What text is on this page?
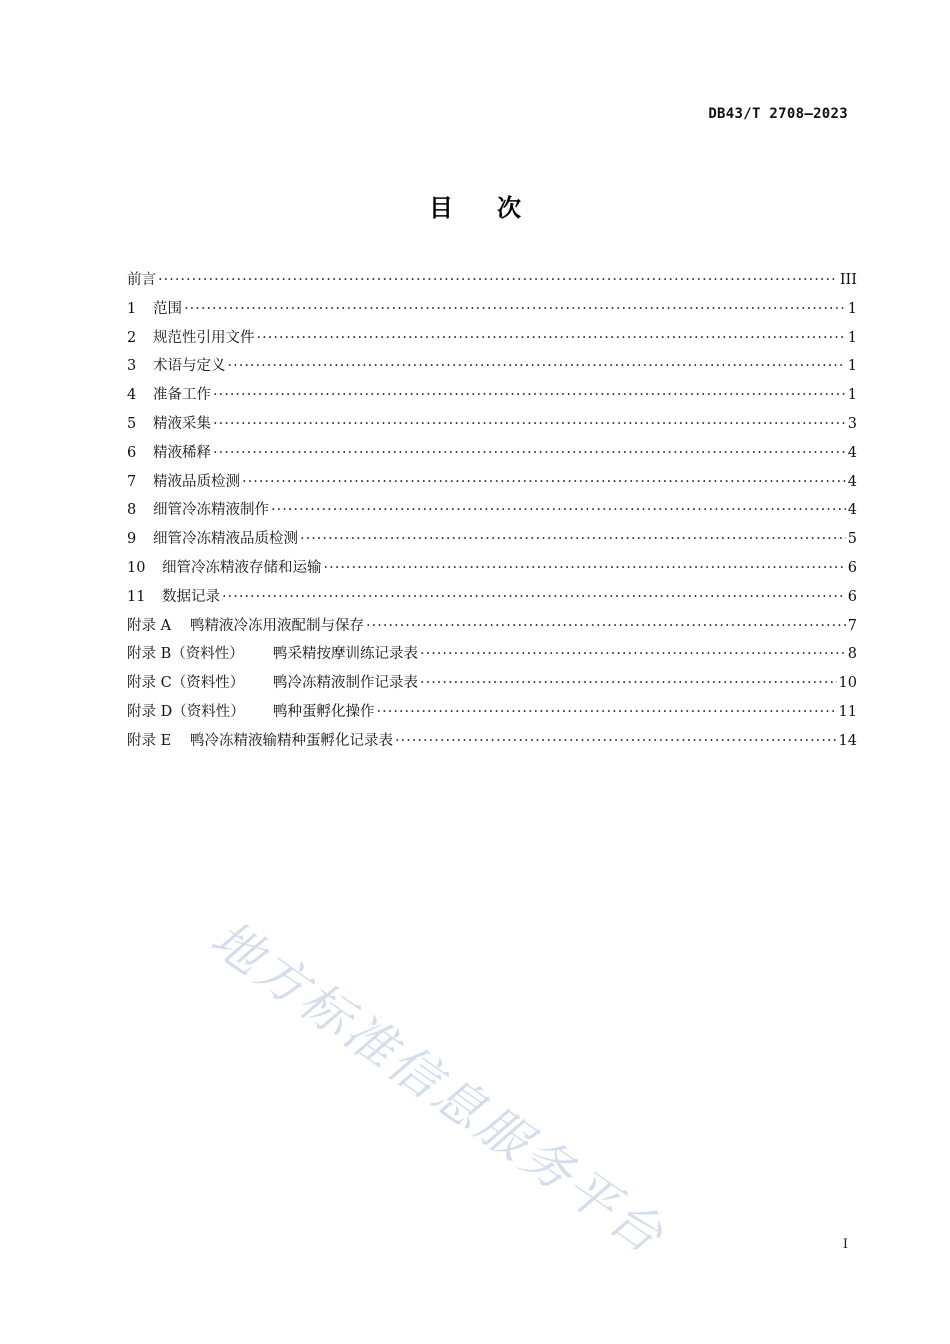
DB43/T 2708—2023
目 次
前言 ·····	III
1	范围 ·····	1
2	规范性引用文件 ·····	1
3	术语与定义 ·····	1
4	准备工作 ·····	1
5	精液采集 ·····	3
6	精液稀释 ·····	4
7	精液品质检测 ·····	4
8	细管冷冻精液制作 ·····	4
9	细管冷冻精液品质检测 ·····	5
10	细管冷冻精液存储和运输 ·····	6
11	数据记录 ·····	6
附录 A	鸭精液冷冻用液配制与保存 ·····	7
附录 B（资料性）	鸭采精按摩训练记录表 ·····	8
附录 C（资料性）	鸭冷冻精液制作记录表 ·····	10
附录 D（资料性）	鸭种蛋孵化操作 ·····	11
附录 E	鸭冷冻精液输精种蛋孵化记录表 ·····	14
地方标准信息服务平台	I
